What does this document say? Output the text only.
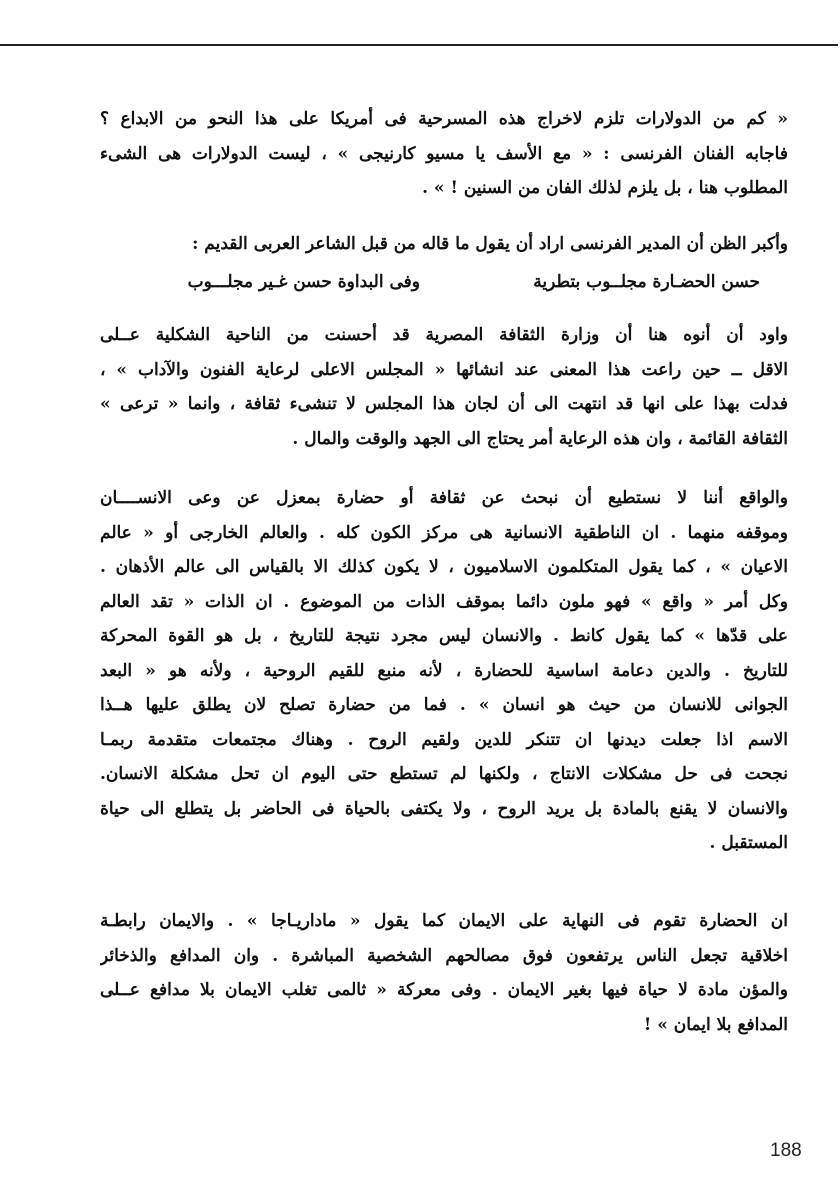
« كم من الدولارات تلزم لاخراج هذه المسرحية فى أمريكا على هذا النحو من الابداع ؟
فاجابه الفنان الفرنسى : « مع الأسف يا مسيو كارنيجى » ، ليست الدولارات هى الشىء
المطلوب هنا ، بل يلزم لذلك الفان من السنين ! » .
وأكبر الظن أن المدير الفرنسى اراد أن يقول ما قاله من قبل الشاعر العربى القديم :
حسن الحضـارة مجلــوب بتطرية
وفى البداوة حسن غـير مجلـــوب
واود أن أنوه هنا أن وزارة الثقافة المصرية قد أحسنت من الناحية الشكلية عــلى
الاقل ــ حين راعت هذا المعنى عند انشائها « المجلس الاعلى لرعاية الفنون والآداب » ،
فدلت بهذا على انها قد انتهت الى أن لجان هذا المجلس لا تنشىء ثقافة ، وانما « ترعى »
الثقافة القائمة ، وان هذه الرعاية أمر يحتاج الى الجهد والوقت والمال .
والواقع أننا لا نستطيع أن نبحث عن ثقافة أو حضارة بمعزل عن وعى الانســــان
وموقفه منهما . ان الناطقية الانسانية هى مركز الكون كله . والعالم الخارجى أو « عالم
الاعيان » ، كما يقول المتكلمون الاسلاميون ، لا يكون كذلك الا بالقياس الى عالم الأذهان .
وكل أمر « واقع » فهو ملون دائما بموقف الذات من الموضوع . ان الذات « تقد العالم
على قدّها » كما يقول كانط . والانسان ليس مجرد نتيجة للتاريخ ، بل هو القوة المحركة
للتاريخ . والدين دعامة اساسية للحضارة ، لأنه منبع للقيم الروحية ، ولأنه هو « البعد
الجوانى للانسان من حيث هو انسان » . فما من حضارة تصلح لان يطلق عليها هــذا
الاسم اذا جعلت ديدنها ان تتنكر للدين ولقيم الروح . وهناك مجتمعات متقدمة ربمـا
نجحت فى حل مشكلات الانتاج ، ولكنها لم تستطع حتى اليوم ان تحل مشكلة الانسان.
والانسان لا يقنع بالمادة بل يريد الروح ، ولا يكتفى بالحياة فى الحاضر بل يتطلع الى حياة
المستقبل .
ان الحضارة تقوم فى النهاية على الايمان كما يقول « ماداريـاجا » . والايمان رابطـة
اخلاقية تجعل الناس يرتفعون فوق مصالحهم الشخصية المباشرة . وان المدافع والذخائر
والمؤن مادة لا حياة فيها بغير الايمان . وفى معركة « ثالمى تغلب الايمان بلا مدافع عــلى
المدافع بلا ايمان » !
188
